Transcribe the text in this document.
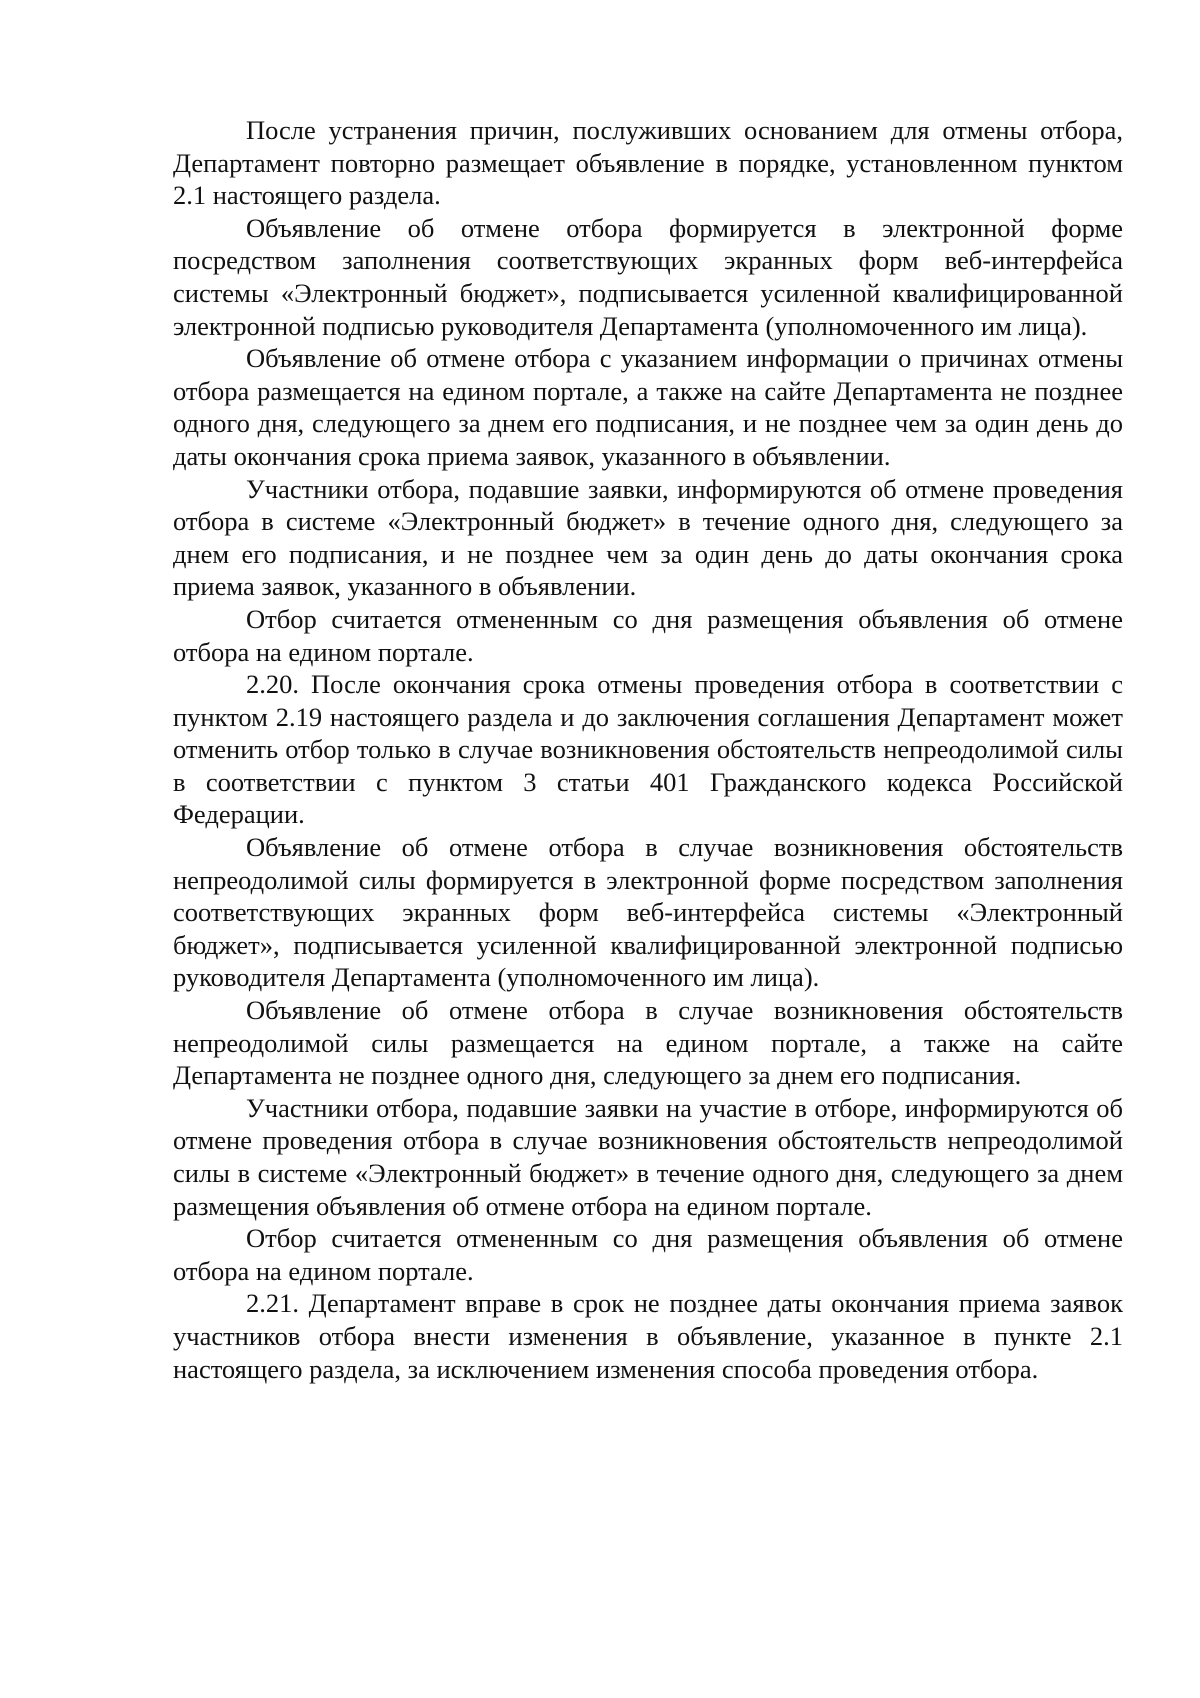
После устранения причин, послуживших основанием для отмены отбора, Департамент повторно размещает объявление в порядке, установленном пунктом 2.1 настоящего раздела.

Объявление об отмене отбора формируется в электронной форме посредством заполнения соответствующих экранных форм веб-интерфейса системы «Электронный бюджет», подписывается усиленной квалифицированной электронной подписью руководителя Департамента (уполномоченного им лица).

Объявление об отмене отбора с указанием информации о причинах отмены отбора размещается на едином портале, а также на сайте Департамента не позднее одного дня, следующего за днем его подписания, и не позднее чем за один день до даты окончания срока приема заявок, указанного в объявлении.

Участники отбора, подавшие заявки, информируются об отмене проведения отбора в системе «Электронный бюджет» в течение одного дня, следующего за днем его подписания, и не позднее чем за один день до даты окончания срока приема заявок, указанного в объявлении.

Отбор считается отмененным со дня размещения объявления об отмене отбора на едином портале.

2.20. После окончания срока отмены проведения отбора в соответствии с пунктом 2.19 настоящего раздела и до заключения соглашения Департамент может отменить отбор только в случае возникновения обстоятельств непреодолимой силы в соответствии с пунктом 3 статьи 401 Гражданского кодекса Российской Федерации.

Объявление об отмене отбора в случае возникновения обстоятельств непреодолимой силы формируется в электронной форме посредством заполнения соответствующих экранных форм веб-интерфейса системы «Электронный бюджет», подписывается усиленной квалифицированной электронной подписью руководителя Департамента (уполномоченного им лица).

Объявление об отмене отбора в случае возникновения обстоятельств непреодолимой силы размещается на едином портале, а также на сайте Департамента не позднее одного дня, следующего за днем его подписания.

Участники отбора, подавшие заявки на участие в отборе, информируются об отмене проведения отбора в случае возникновения обстоятельств непреодолимой силы в системе «Электронный бюджет» в течение одного дня, следующего за днем размещения объявления об отмене отбора на едином портале.

Отбор считается отмененным со дня размещения объявления об отмене отбора на едином портале.

2.21. Департамент вправе в срок не позднее даты окончания приема заявок участников отбора внести изменения в объявление, указанное в пункте 2.1 настоящего раздела, за исключением изменения способа проведения отбора.
